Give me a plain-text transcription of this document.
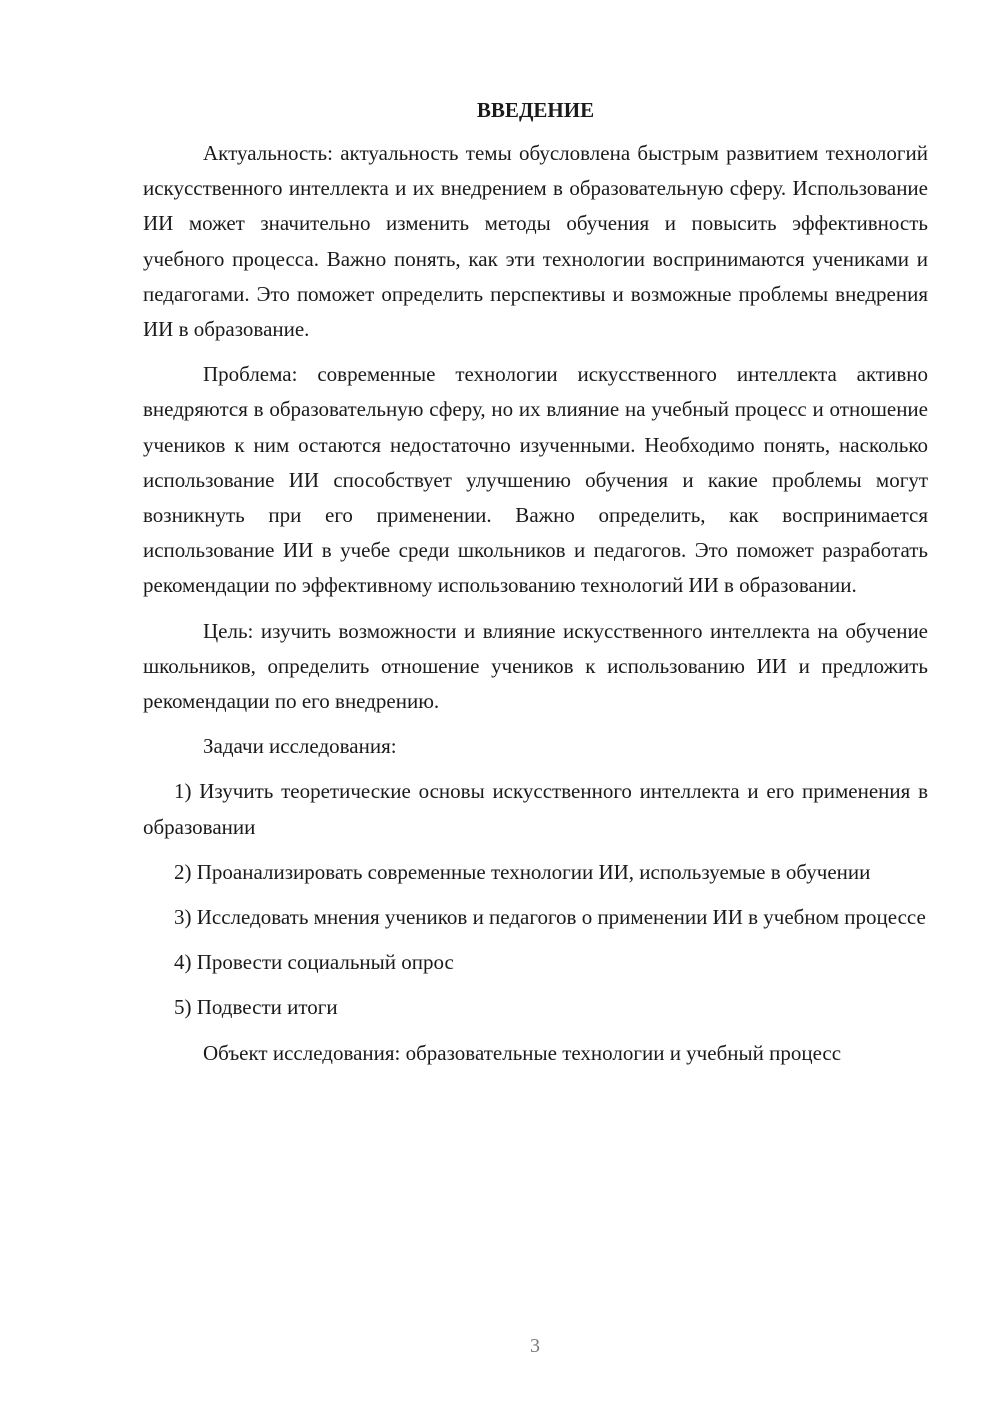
ВВЕДЕНИЕ

Актуальность: актуальность темы обусловлена быстрым развитием технологий искусственного интеллекта и их внедрением в образовательную сферу. Использование ИИ может значительно изменить методы обучения и повысить эффективность учебного процесса. Важно понять, как эти технологии воспринимаются учениками и педагогами. Это поможет определить перспективы и возможные проблемы внедрения ИИ в образование.

Проблема: современные технологии искусственного интеллекта активно внедряются в образовательную сферу, но их влияние на учебный процесс и отношение учеников к ним остаются недостаточно изученными. Необходимо понять, насколько использование ИИ способствует улучшению обучения и какие проблемы могут возникнуть при его применении. Важно определить, как воспринимается использование ИИ в учебе среди школьников и педагогов. Это поможет разработать рекомендации по эффективному использованию технологий ИИ в образовании.

Цель: изучить возможности и влияние искусственного интеллекта на обучение школьников, определить отношение учеников к использованию ИИ и предложить рекомендации по его внедрению.

Задачи исследования:

1) Изучить теоретические основы искусственного интеллекта и его применения в образовании

2) Проанализировать современные технологии ИИ, используемые в обучении

3) Исследовать мнения учеников и педагогов о применении ИИ в учебном процессе

4) Провести социальный опрос

5) Подвести итоги

Объект исследования: образовательные технологии и учебный процесс

3
